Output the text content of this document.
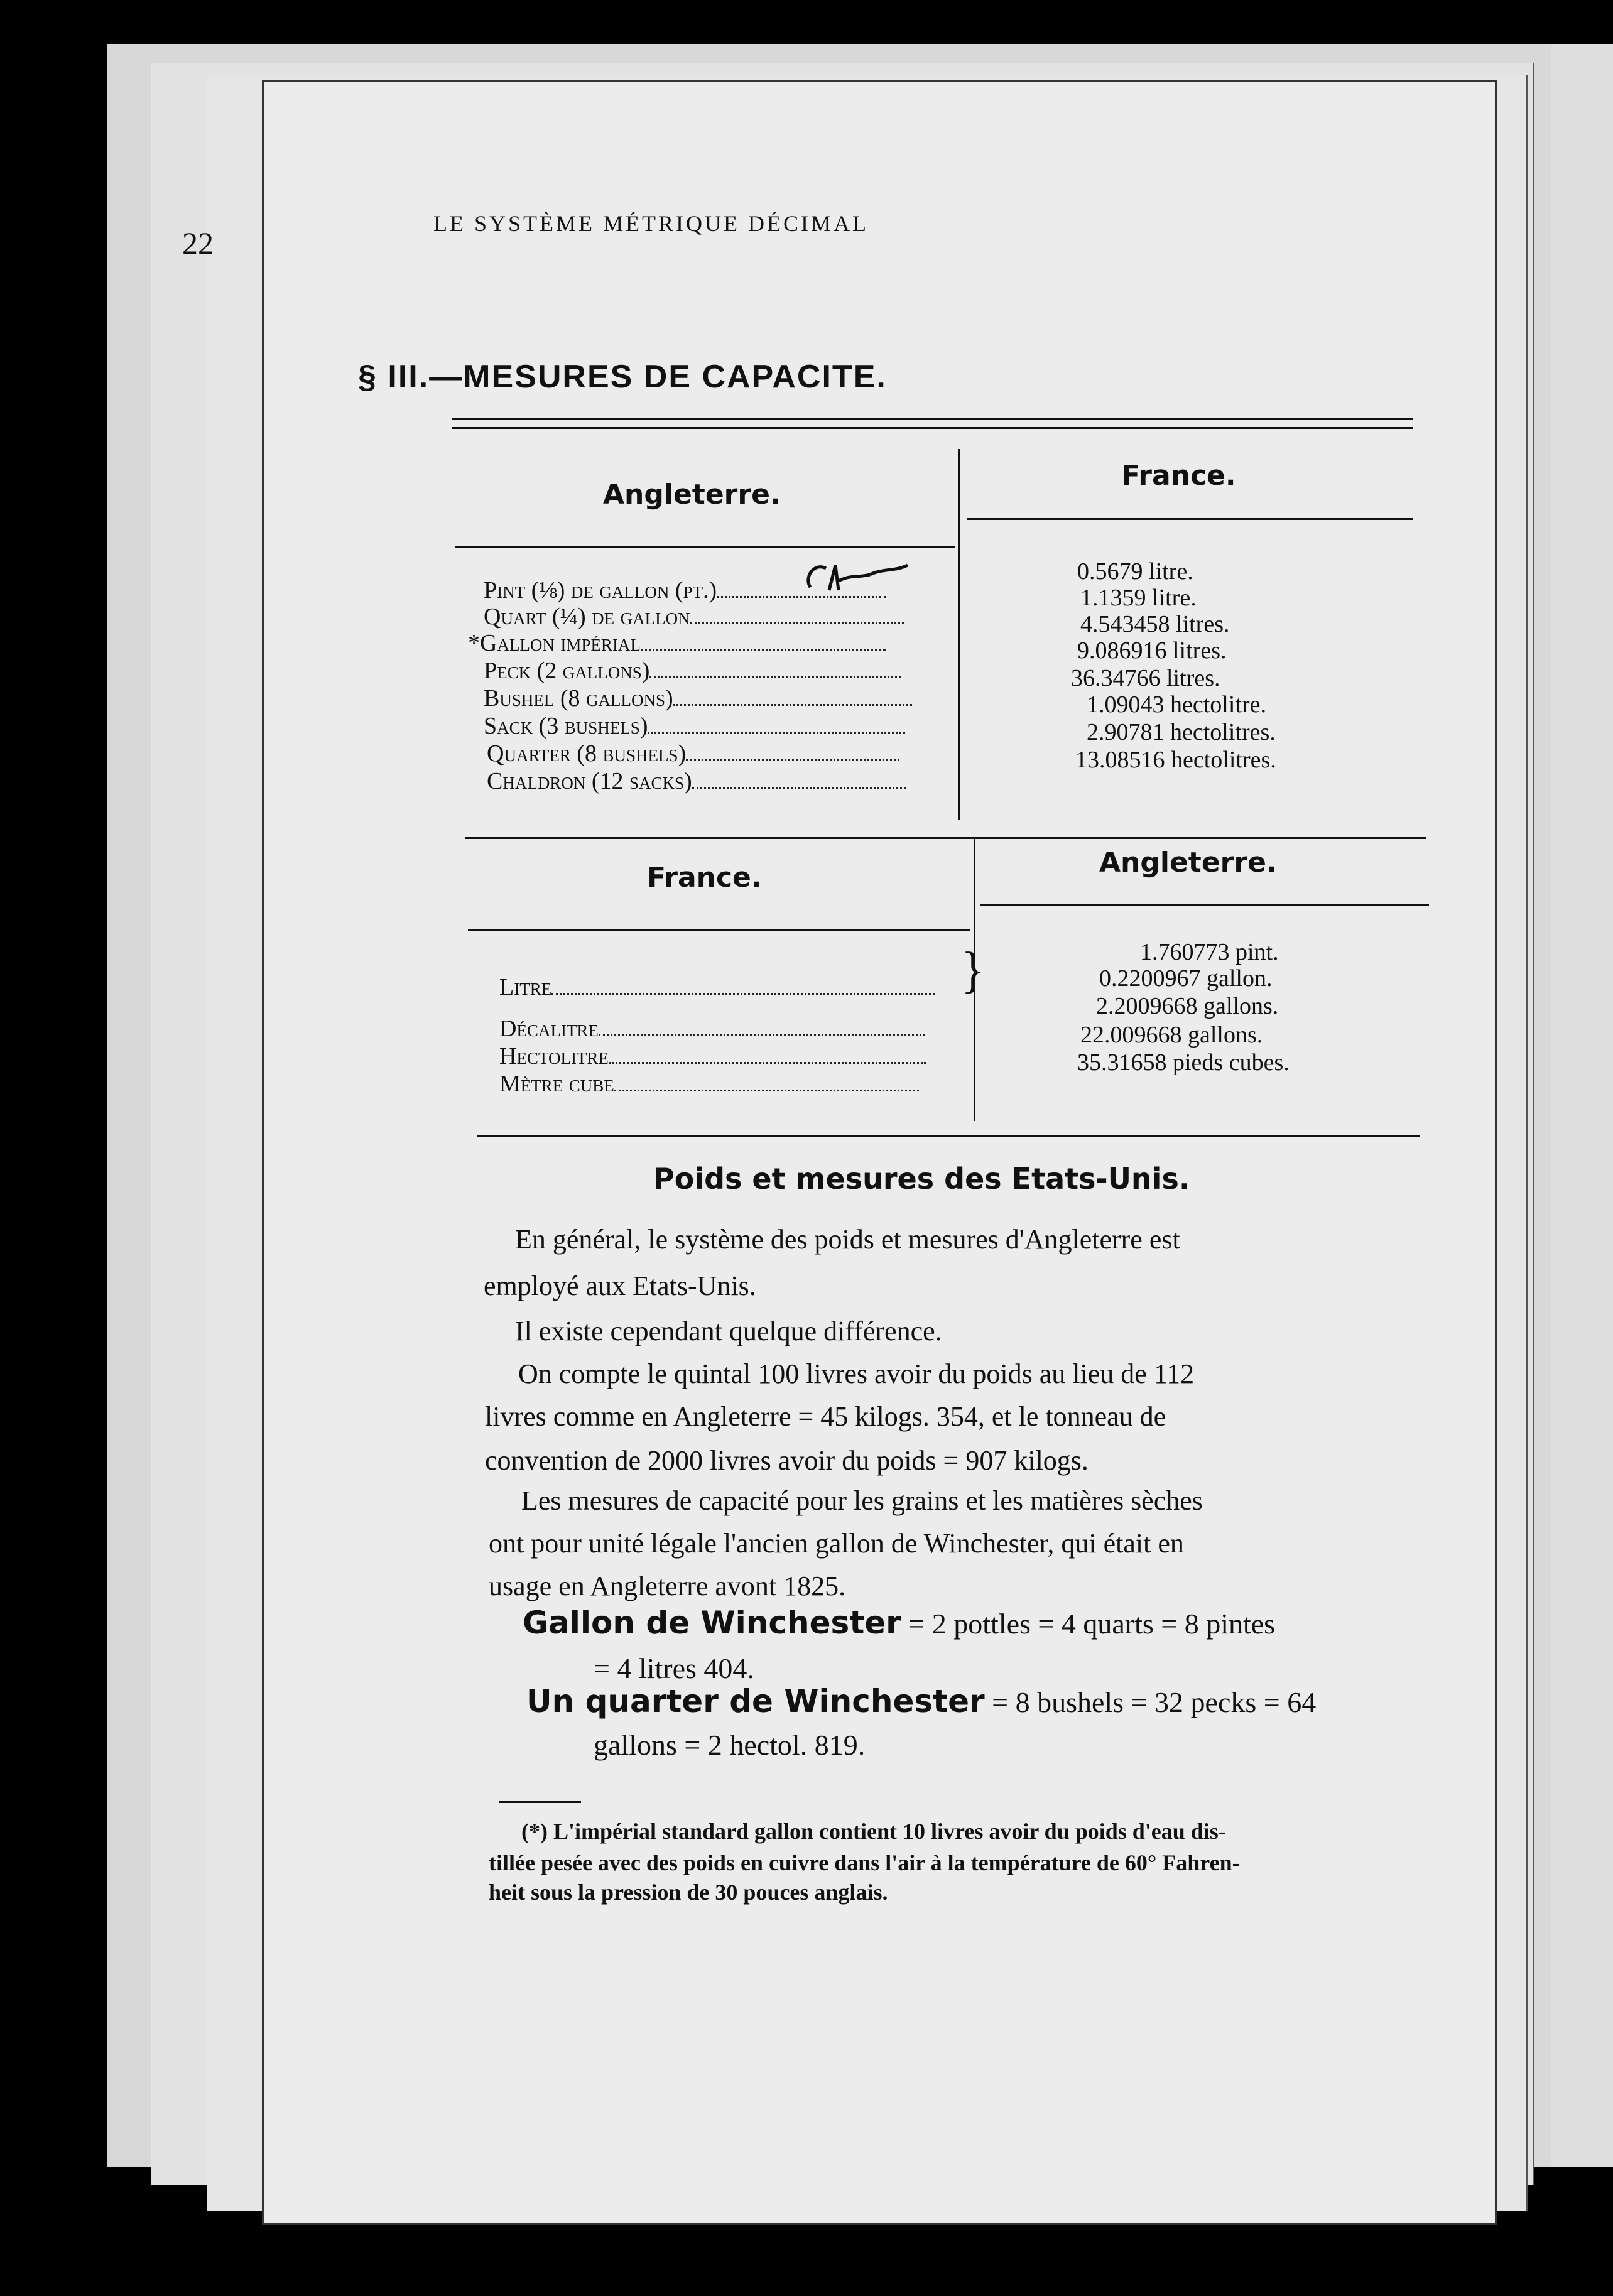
22
LE SYSTÈME MÉTRIQUE DÉCIMAL
§ III.—MESURES DE CAPACITE.
Angleterre.
France.
Pint (⅛) de gallon (pt.)
Quart (¼) de gallon
*Gallon impérial
Peck (2 gallons)
Bushel (8 gallons)
Sack (3 bushels)
Quarter (8 bushels)
Chaldron (12 sacks)
0.5679 litre.
1.1359 litre.
4.543458 litres.
9.086916 litres.
36.34766 litres.
1.09043 hectolitre.
2.90781 hectolitres.
13.08516 hectolitres.
France.	Angleterre.
Litre
Décalitre
Hectolitre
Mètre cube
}	1.760773 pint.
0.2200967 gallon.
2.2009668 gallons.
22.009668 gallons.
35.31658 pieds cubes.
Poids et mesures des Etats-Unis.
En général, le système des poids et mesures d'Angleterre est
employé aux Etats-Unis.
Il existe cependant quelque différence.
On compte le quintal 100 livres avoir du poids au lieu de 112
livres comme en Angleterre = 45 kilogs. 354, et le tonneau de
convention de 2000 livres avoir du poids = 907 kilogs.
Les mesures de capacité pour les grains et les matières sèches
ont pour unité légale l'ancien gallon de Winchester, qui était en
usage en Angleterre avont 1825.
Gallon de Winchester = 2 pottles = 4 quarts = 8 pintes
= 4 litres 404.
Un quarter de Winchester = 8 bushels = 32 pecks = 64
gallons = 2 hectol. 819.
(*) L'impérial standard gallon contient 10 livres avoir du poids d'eau dis-
tillée pesée avec des poids en cuivre dans l'air à la température de 60° Fahren-
heit sous la pression de 30 pouces anglais.
